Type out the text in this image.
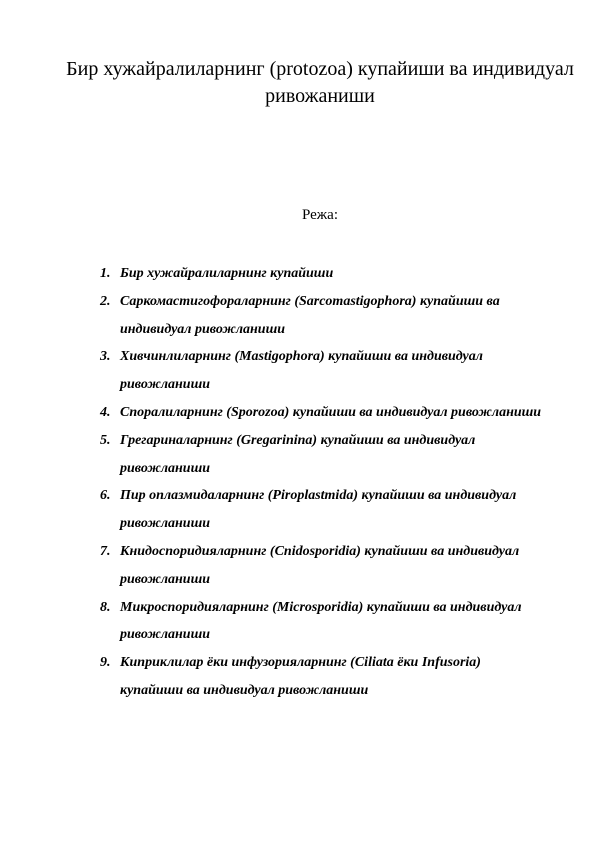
Бир хужайралиларнинг (protozoa) купайиши ва индивидуал ривожаниши
Режа:
1. Бир хужайралиларнинг купайиши
2. Саркомастигофораларнинг (Sarcomastigophora) купайиши ва индивидуал ривожланиши
3. Хивчинлиларнинг (Mastigophora) купайиши ва индивидуал ривожланиши
4. Споралиларнинг (Sporozoa) купайиши ва индивидуал ривожланиши
5. Грегариналарнинг (Gregarinina) купайиши ва индивидуал ривожланиши
6. Пир оплазмидаларнинг (Piroplastmida) купайиши ва индивидуал ривожланиши
7. Книдоспоридияларнинг (Cnidosporidia) купайиши ва индивидуал ривожланиши
8. Микроспоридияларнинг (Microsporidia) купайиши ва индивидуал ривожланиши
9. Киприклилар ёки инфузорияларнинг (Ciliata ёки Infusoria) купайиши ва индивидуал ривожланиши
